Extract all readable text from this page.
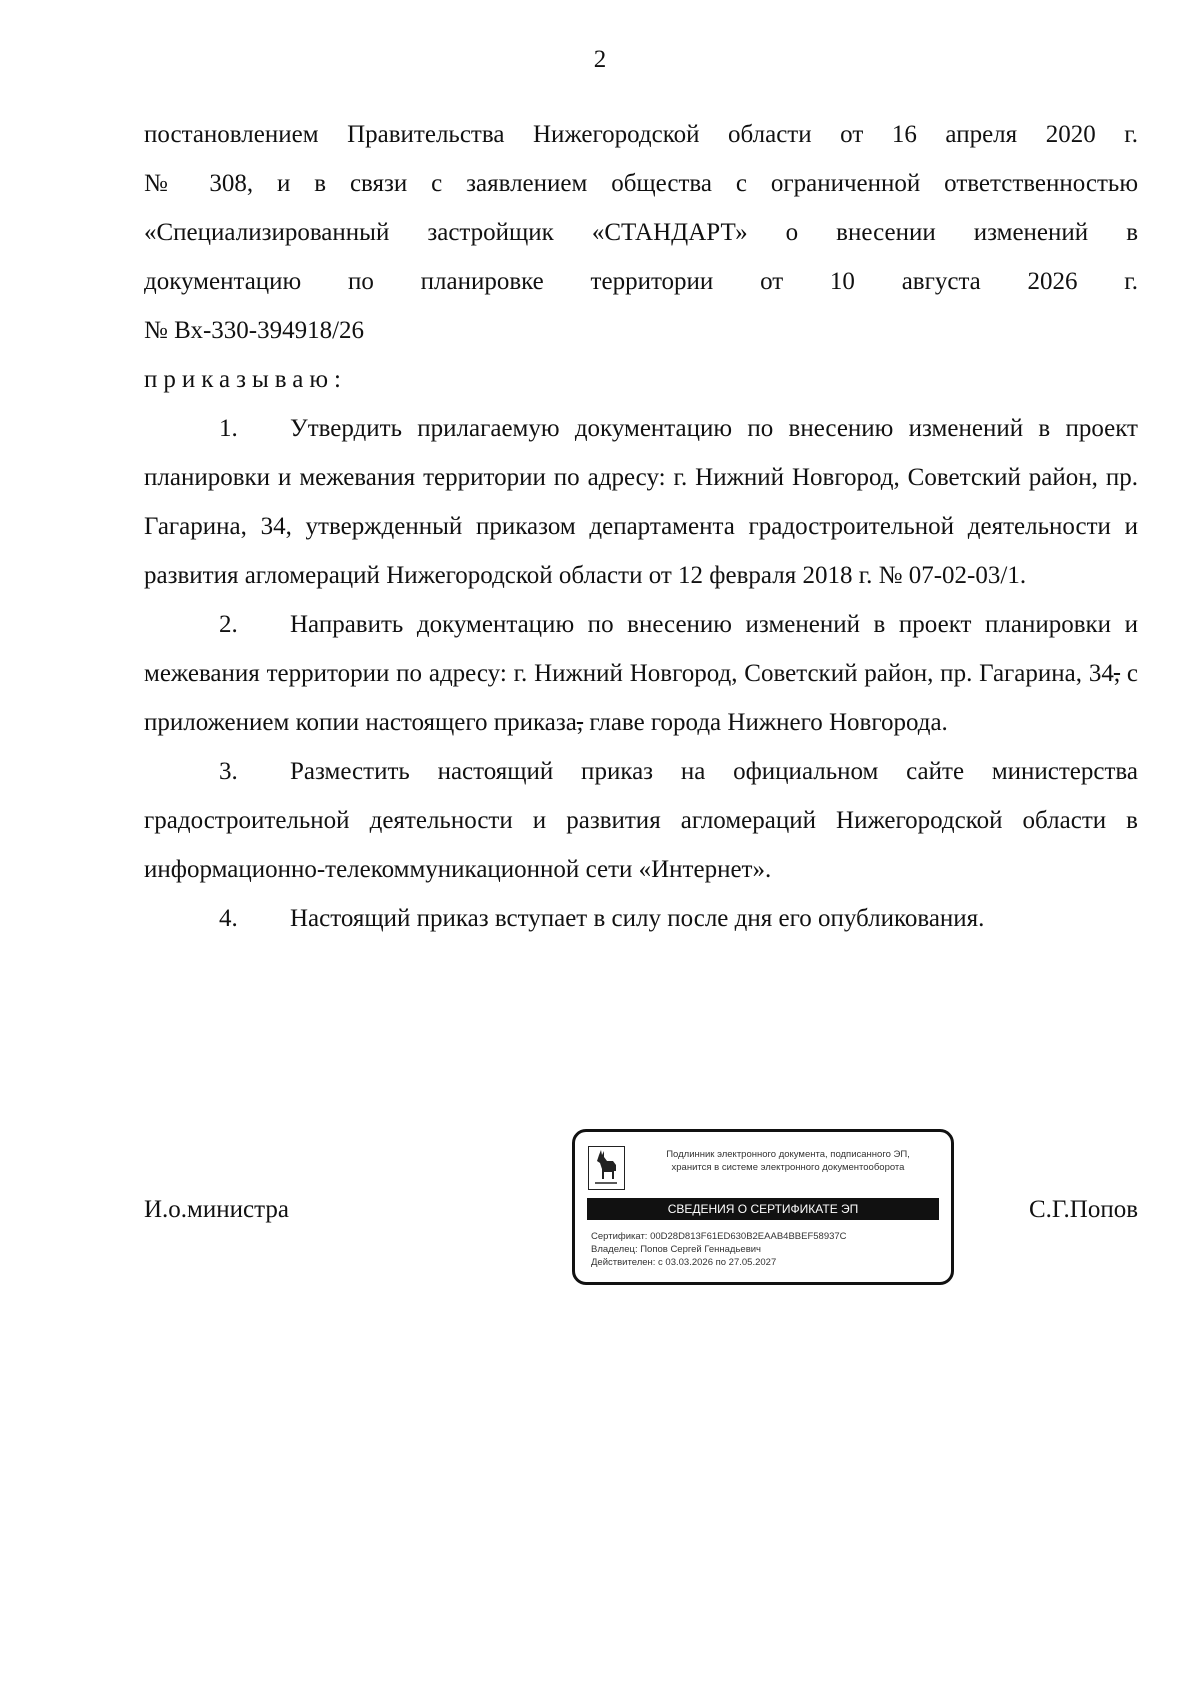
2

постановлением Правительства Нижегородской области от 16 апреля 2020 г.

№ 308, и в связи с заявлением общества с ограниченной ответственностью

«Специализированный застройщик «СТАНДАРТ» о внесении изменений в

документацию по планировке территории от 10 августа 2026 г.

№ Вх-330-394918/26

приказываю:

1. Утвердить прилагаемую документацию по внесению изменений в проект планировки и межевания территории по адресу: г. Нижний Новгород, Советский район, пр. Гагарина, 34, утвержденный приказом департамента градостроительной деятельности и развития агломераций Нижегородской области от 12 февраля 2018 г. № 07-02-03/1.

2. Направить документацию по внесению изменений в проект планировки и межевания территории по адресу: г. Нижний Новгород, Советский район, пр. Гагарина, 34, с приложением копии настоящего приказа, главе города Нижнего Новгорода.

3. Разместить настоящий приказ на официальном сайте министерства градостроительной деятельности и развития агломераций Нижегородской области в информационно-телекоммуникационной сети «Интернет».

4. Настоящий приказ вступает в силу после дня его опубликования.

И.о.министра	С.Г.Попов
Подлинник электронного документа, подписанного ЭП,
хранится в системе электронного документооборота
СВЕДЕНИЯ О СЕРТИФИКАТЕ ЭП
Сертификат: 00D28D813F61ED630B2EAAB4BBEF58937C
Владелец: Попов Сергей Геннадьевич
Действителен: с 03.03.2026 по 27.05.2027
